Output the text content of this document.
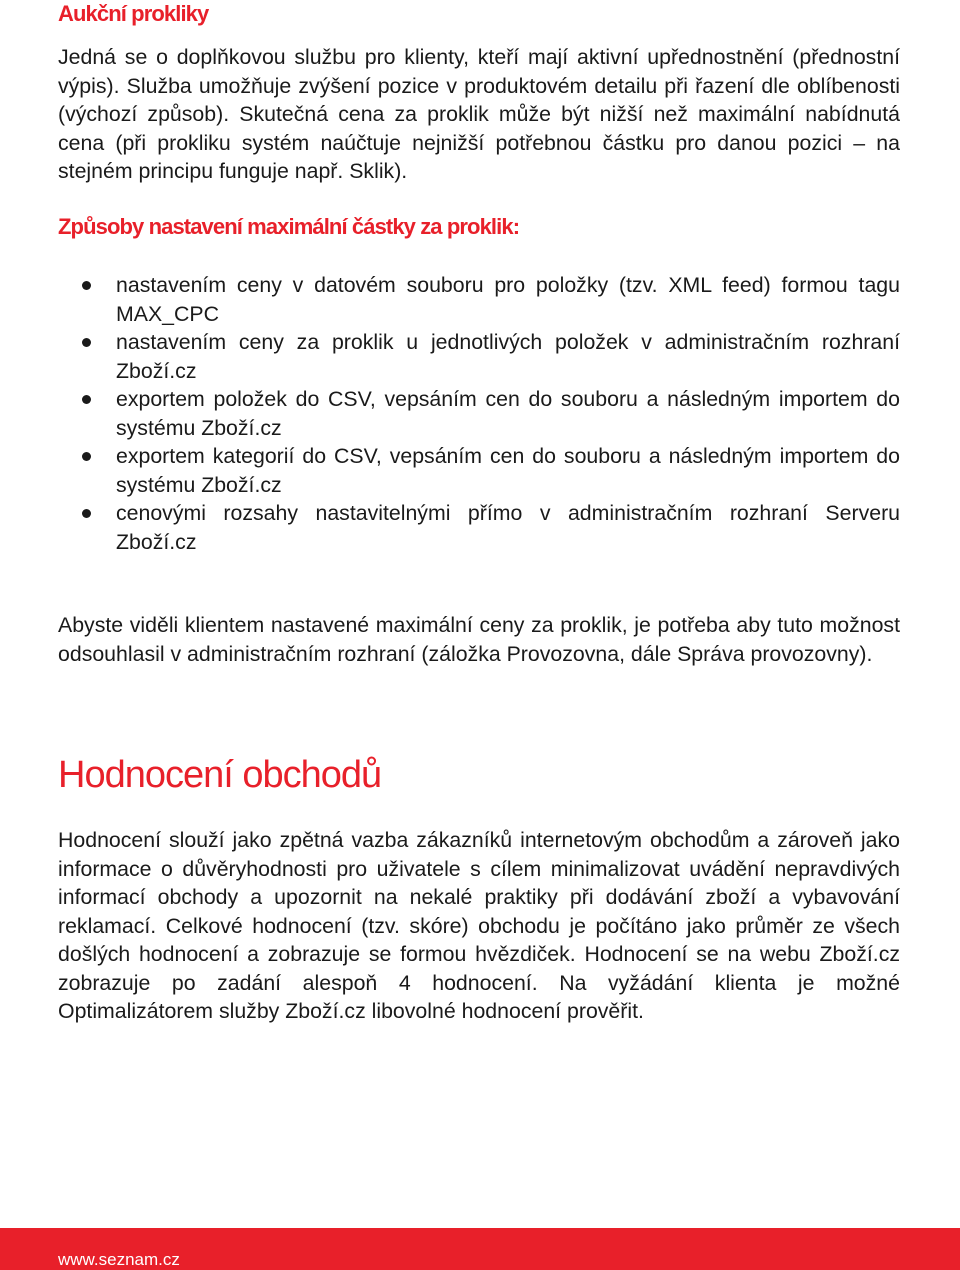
Aukční prokliky

Jedná se o doplňkovou službu pro klienty, kteří mají aktivní upřednostnění (přednostní výpis). Služba umožňuje zvýšení pozice v produktovém detailu při řazení dle oblíbenosti (výchozí způsob). Skutečná cena za proklik může být nižší než maximální nabídnutá cena (při prokliku systém naúčtuje nejnižší potřebnou částku pro danou pozici – na stejném principu funguje např. Sklik).

Způsoby nastavení maximální částky za proklik:
nastavením ceny v datovém souboru pro položky (tzv. XML feed) formou tagu MAX_CPC
nastavením ceny za proklik u jednotlivých položek v administračním rozhraní Zboží.cz
exportem položek do CSV, vepsáním cen do souboru a následným importem do systému Zboží.cz
exportem kategorií do CSV, vepsáním cen do souboru a následným importem do systému Zboží.cz
cenovými rozsahy nastavitelnými přímo v administračním rozhraní Serveru Zboží.cz

Abyste viděli klientem nastavené maximální ceny za proklik, je potřeba aby tuto možnost odsouhlasil v administračním rozhraní (záložka Provozovna, dále Správa provozovny).

Hodnocení obchodů

Hodnocení slouží jako zpětná vazba zákazníků internetovým obchodům a zároveň jako informace o důvěryhodnosti pro uživatele s cílem minimalizovat uvádění nepravdivých informací obchody a upozornit na nekalé praktiky při dodávání zboží a vybavování reklamací. Celkové hodnocení (tzv. skóre) obchodu je počítáno jako průměr ze všech došlých hodnocení a zobrazuje se formou hvězdiček. Hodnocení se na webu Zboží.cz zobrazuje po zadání alespoň 4 hodnocení. Na vyžádání klienta je možné Optimalizátorem služby Zboží.cz libovolné hodnocení prověřit.

www.seznam.cz
